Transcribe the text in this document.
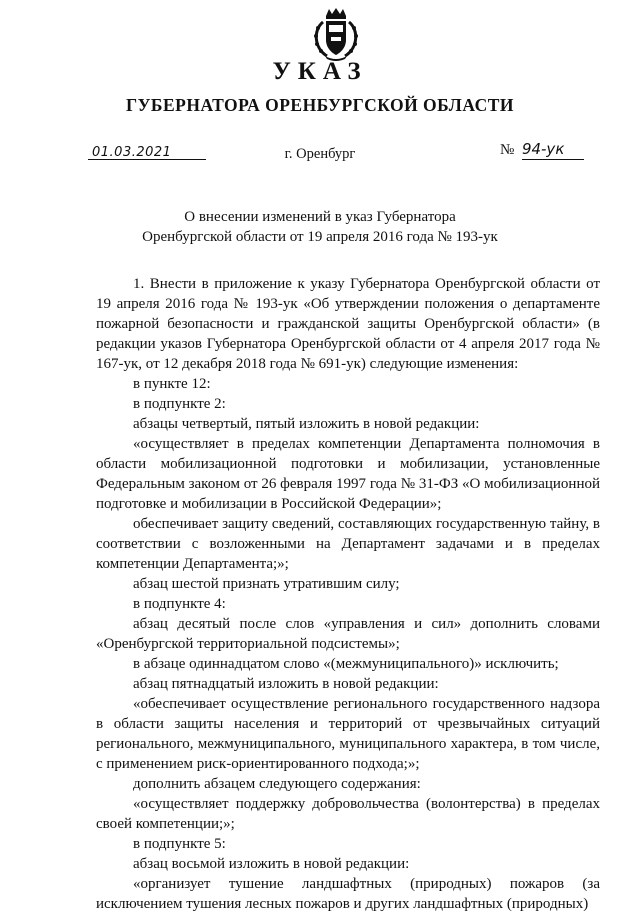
УКАЗ
ГУБЕРНАТОРА ОРЕНБУРГСКОЙ ОБЛАСТИ
01.03.2021	г. Оренбург	№ 94-ук
О внесении изменений в указ Губернатора
Оренбургской области от 19 апреля 2016 года № 193-ук

1. Внести в приложение к указу Губернатора Оренбургской области от 19 апреля 2016 года № 193-ук «Об утверждении положения о департаменте пожарной безопасности и гражданской защиты Оренбургской области» (в редакции указов Губернатора Оренбургской области от 4 апреля 2017 года № 167-ук, от 12 декабря 2018 года № 691-ук) следующие изменения:

в пункте 12:

в подпункте 2:

абзацы четвертый, пятый изложить в новой редакции:

«осуществляет в пределах компетенции Департамента полномочия в области мобилизационной подготовки и мобилизации, установленные Федеральным законом от 26 февраля 1997 года № 31-ФЗ «О мобилизационной подготовке и мобилизации в Российской Федерации»;

обеспечивает защиту сведений, составляющих государственную тайну, в соответствии с возложенными на Департамент задачами и в пределах компетенции Департамента;»;

абзац шестой признать утратившим силу;

в подпункте 4:

абзац десятый после слов «управления и сил» дополнить словами «Оренбургской территориальной подсистемы»;

в абзаце одиннадцатом слово «(межмуниципального)» исключить;

абзац пятнадцатый изложить в новой редакции:

«обеспечивает осуществление регионального государственного надзора в области защиты населения и территорий от чрезвычайных ситуаций регионального, межмуниципального, муниципального характера, в том числе, с применением риск-ориентированного подхода;»;

дополнить абзацем следующего содержания:

«осуществляет поддержку добровольчества (волонтерства) в пределах своей компетенции;»;

в подпункте 5:

абзац восьмой изложить в новой редакции:

«организует тушение ландшафтных (природных) пожаров (за исключением тушения лесных пожаров и других ландшафтных (природных)
